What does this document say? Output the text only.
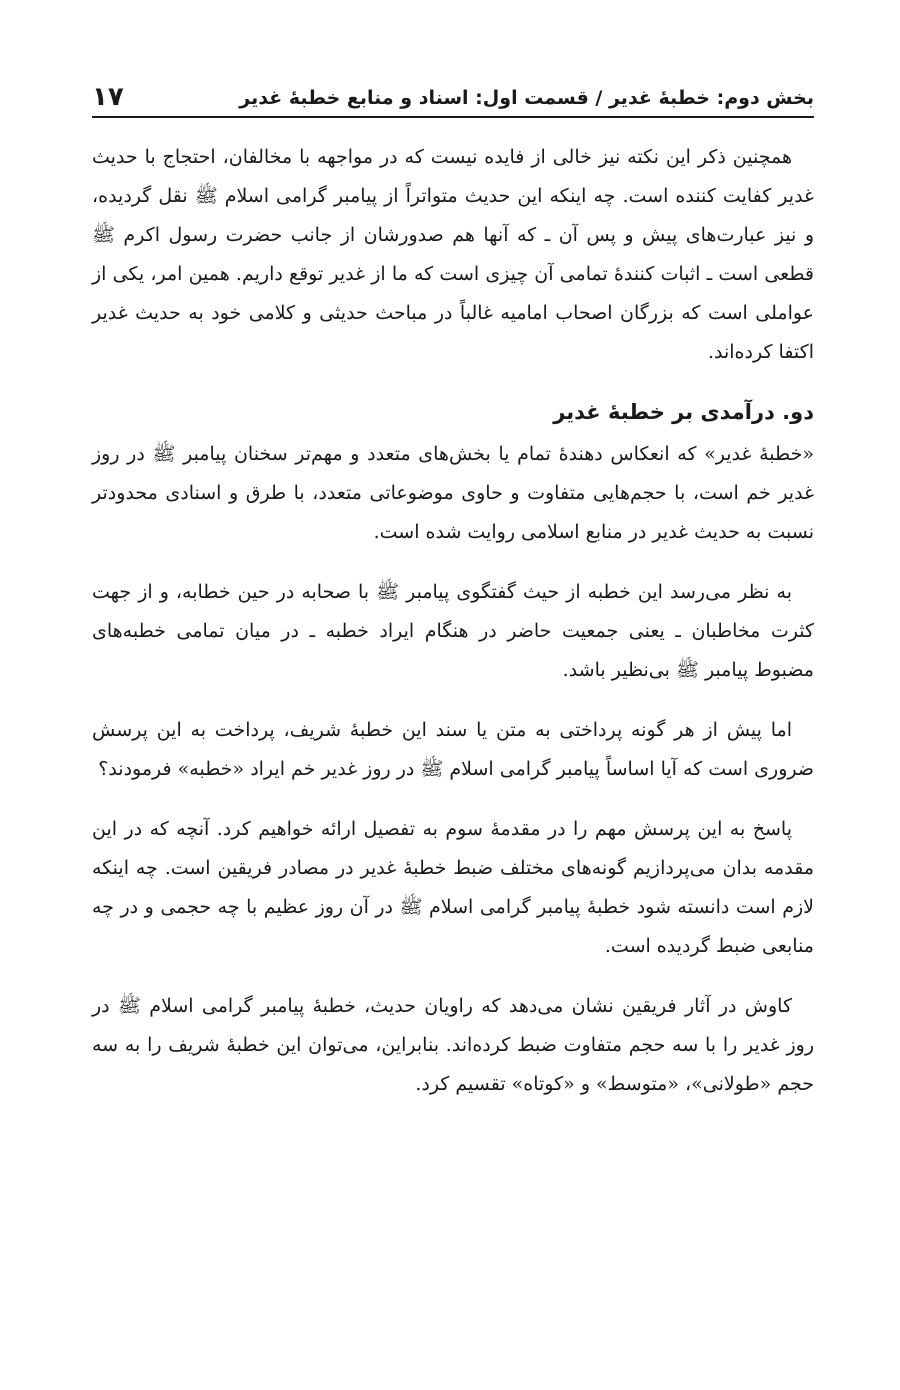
بخش دوم: خطبهٔ غدیر / قسمت اول: اسناد و منابع خطبهٔ غدیر
۱۷

همچنین ذکر این نکته نیز خالی از فایده نیست که در مواجهه با مخالفان، احتجاج با حدیث غدیر کفایت کننده است. چه اینکه این حدیث متواتراً از پیامبر گرامی اسلام ﷺ نقل گردیده، و نیز عبارت‌های پیش و پس آن ـ که آنها هم صدورشان از جانب حضرت رسول اکرم ﷺ قطعی است ـ اثبات کنندهٔ تمامی آن چیزی است که ما از غدیر توقع داریم. همین امر، یکی از عواملی است که بزرگان اصحاب امامیه غالباً در مباحث حدیثی و کلامی خود به حدیث غدیر اکتفا کرده‌اند.

دو. درآمدی بر خطبهٔ غدیر

«خطبهٔ غدیر» که انعکاس دهندهٔ تمام یا بخش‌های متعدد و مهم‌تر سخنان پیامبر ﷺ در روز غدیر خم است، با حجم‌هایی متفاوت و حاوی موضوعاتی متعدد، با طرق و اسنادی محدودتر نسبت به حدیث غدیر در منابع اسلامی روایت شده است.

به نظر می‌رسد این خطبه از حیث گفتگوی پیامبر ﷺ با صحابه در حین خطابه، و از جهت کثرت مخاطبان ـ یعنی جمعیت حاضر در هنگام ایراد خطبه ـ در میان تمامی خطبه‌های مضبوط پیامبر ﷺ بی‌نظیر باشد.

اما پیش از هر گونه پرداختی به متن یا سند این خطبهٔ شریف، پرداخت به این پرسش ضروری است که آیا اساساً پیامبر گرامی اسلام ﷺ در روز غدیر خم ایراد «خطبه» فرمودند؟

پاسخ به این پرسش مهم را در مقدمهٔ سوم به تفصیل ارائه خواهیم کرد. آنچه که در این مقدمه بدان می‌پردازیم گونه‌های مختلف ضبط خطبهٔ غدیر در مصادر فریقین است. چه اینکه لازم است دانسته شود خطبهٔ پیامبر گرامی اسلام ﷺ در آن روز عظیم با چه حجمی و در چه منابعی ضبط گردیده است.

کاوش در آثار فریقین نشان می‌دهد که راویان حدیث، خطبهٔ پیامبر گرامی اسلام ﷺ در روز غدیر را با سه حجم متفاوت ضبط کرده‌اند. بنابراین، می‌توان این خطبهٔ شریف را به سه حجم «طولانی»، «متوسط» و «کوتاه» تقسیم کرد.
